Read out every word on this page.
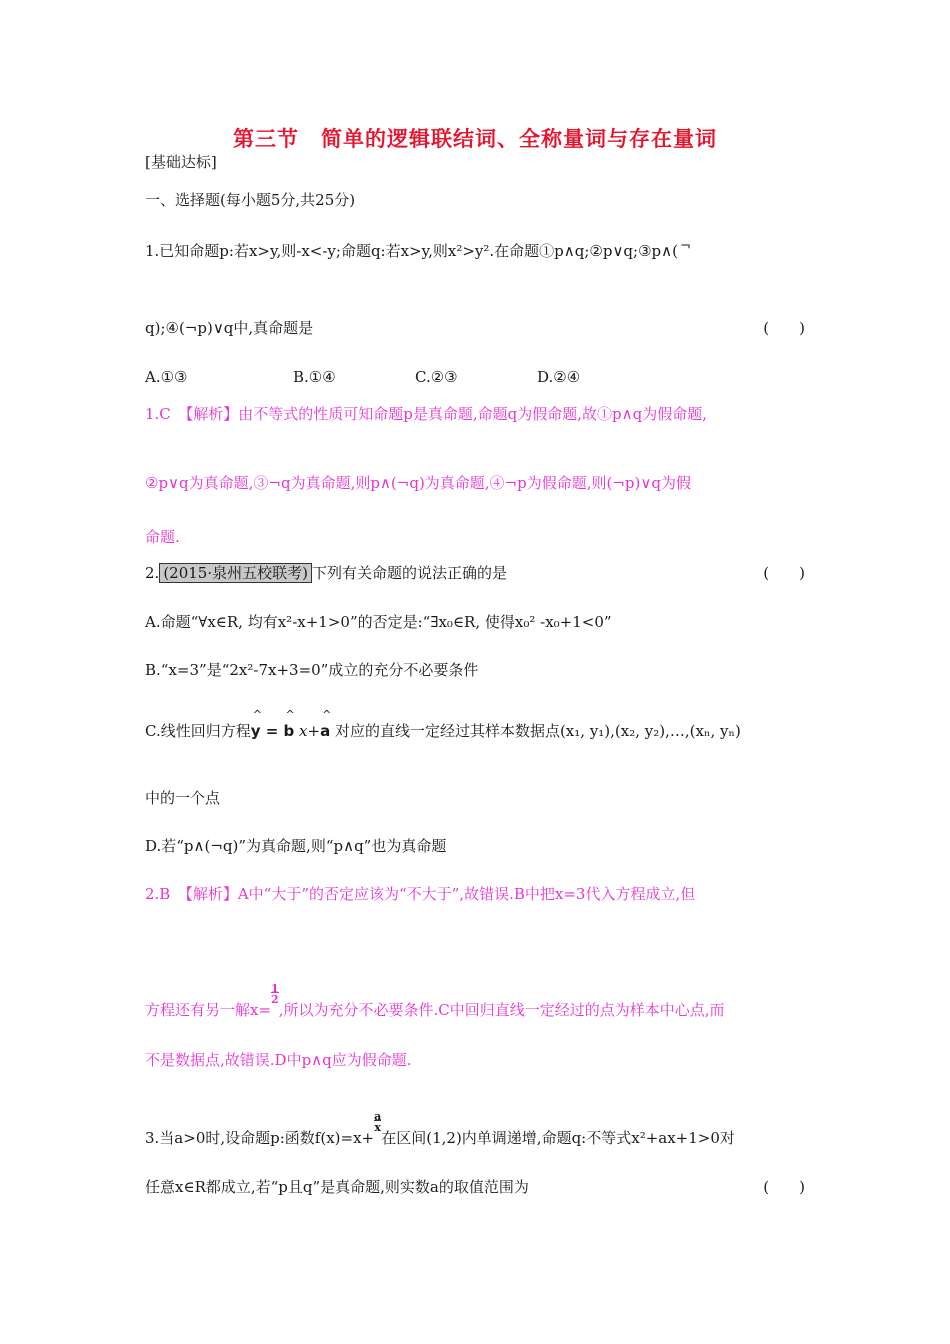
第三节　简单的逻辑联结词、全称量词与存在量词
[基础达标]
一、选择题(每小题5分,共25分)
1.已知命题p:若x>y,则-x<-y;命题q:若x>y,则x²>y².在命题①p∧q;②p∨q;③p∧( ¬
q);④(¬p)∨q中,真命题是	(　　)
A.①③	B.①④	C.②③	D.②④
1.C　【解析】由不等式的性质可知命题p是真命题,命题q为假命题,故①p∧q为假命题,
②p∨q为真命题,③¬q为真命题,则p∧(¬q)为真命题,④¬p为假命题,则(¬p)∨q为假
命题.
2. (2015·泉州五校联考) 下列有关命题的说法正确的是	(　　)
A.命题“∀x∈R, 均有x²-x+1>0”的否定是:“∃x₀∈R, 使得x₀² -x₀+1<0”
B.“x=3”是“2x²-7x+3=0”成立的充分不必要条件
C.线性回归方程^ y = ^ b x+^ a 对应的直线一定经过其样本数据点(x₁, y₁),(x₂, y₂),…,(xₙ, yₙ)
中的一个点
D.若“p∧(¬q)”为真命题,则“p∧q”也为真命题
2.B　【解析】A中“大于”的否定应该为“不大于”,故错误.B中把x=3代入方程成立,但
方程还有另一解$x=\frac{1}{2}$,所以为充分不必要条件.C中回归直线一定经过的点为样本中心点,而
不是数据点,故错误.D中p∧q应为假命题.
3.当a>0时,设命题p:函数$f(x)=x+\frac{a}{x}$在区间(1,2)内单调递增,命题q:不等式x²+ax+1>0对
任意x∈R都成立,若“p且q”是真命题,则实数a的取值范围为	(　　)
